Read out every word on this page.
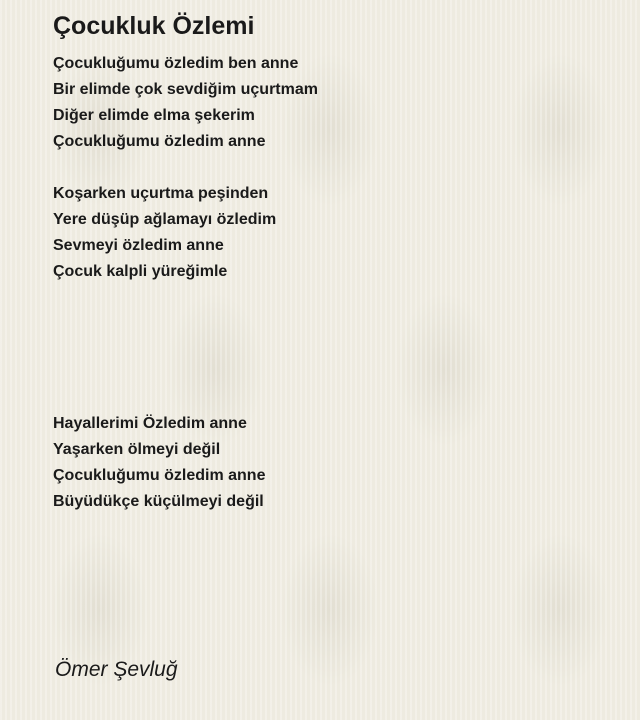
Çocukluk Özlemi
Çocukluğumu özledim ben anne
Bir elimde çok sevdiğim uçurtmam
Diğer elimde elma şekerim
Çocukluğumu özledim anne
Koşarken uçurtma peşinden
Yere düşüp ağlamayı özledim
Sevmeyi özledim anne
Çocuk kalpli yüreğimle
Hayallerimi Özledim anne
Yaşarken ölmeyi değil
Çocukluğumu özledim anne
Büyüdükçe küçülmeyi değil

Ömer Şevluğ
